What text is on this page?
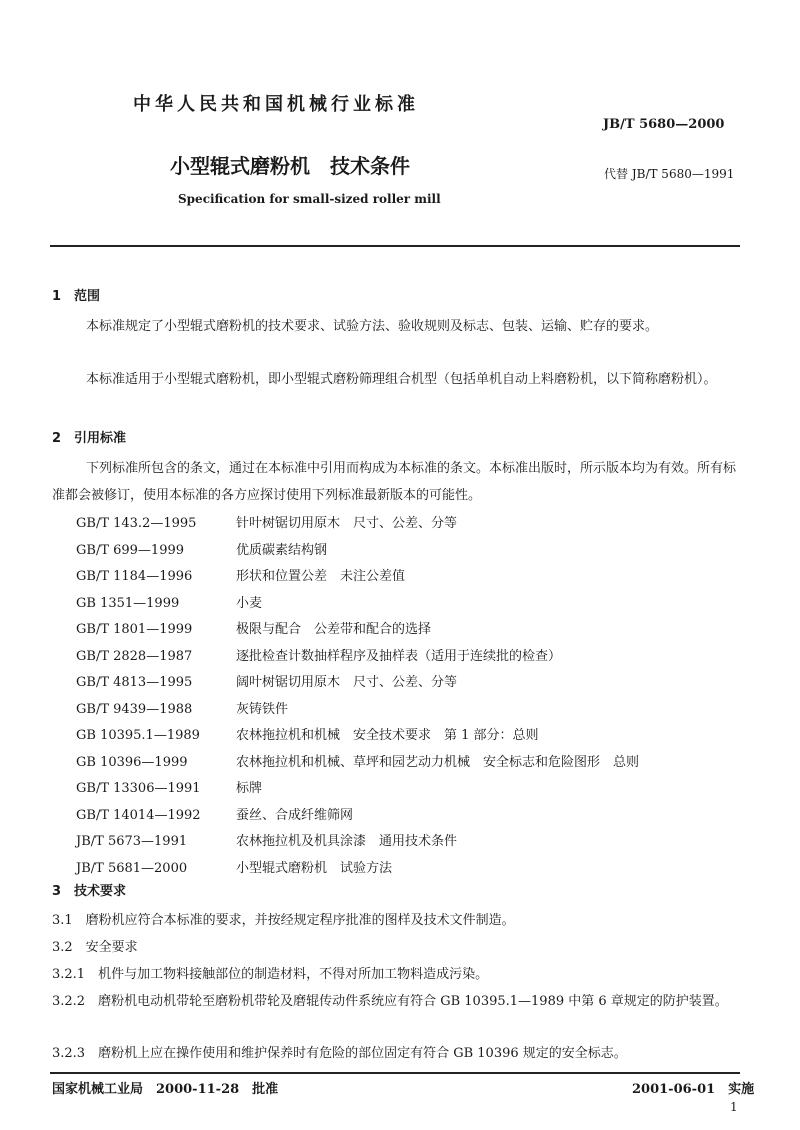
中华人民共和国机械行业标准
JB/T 5680—2000
小型辊式磨粉机　技术条件	代替 JB/T 5680—1991
Specification for small-sized roller mill
1　范围
本标准规定了小型辊式磨粉机的技术要求、试验方法、验收规则及标志、包装、运输、贮存的要求。
本标准适用于小型辊式磨粉机，即小型辊式磨粉筛理组合机型（包括单机自动上料磨粉机，以下简称磨粉机）。
2　引用标准
下列标准所包含的条文，通过在本标准中引用而构成为本标准的条文。本标准出版时，所示版本均为有效。所有标准都会被修订，使用本标准的各方应探讨使用下列标准最新版本的可能性。
GB/T 143.2—1995	针叶树锯切用原木　尺寸、公差、分等
GB/T 699—1999	优质碳素结构钢
GB/T 1184—1996	形状和位置公差　未注公差值
GB 1351—1999	小麦
GB/T 1801—1999	极限与配合　公差带和配合的选择
GB/T 2828—1987	逐批检查计数抽样程序及抽样表（适用于连续批的检查）
GB/T 4813—1995	阔叶树锯切用原木　尺寸、公差、分等
GB/T 9439—1988	灰铸铁件
GB 10395.1—1989	农林拖拉机和机械　安全技术要求　第 1 部分：总则
GB 10396—1999	农林拖拉机和机械、草坪和园艺动力机械　安全标志和危险图形　总则
GB/T 13306—1991	标牌
GB/T 14014—1992	蚕丝、合成纤维筛网
JB/T 5673—1991	农林拖拉机及机具涂漆　通用技术条件
JB/T 5681—2000	小型辊式磨粉机　试验方法
3　技术要求
3.1　磨粉机应符合本标准的要求，并按经规定程序批准的图样及技术文件制造。
3.2　安全要求
3.2.1　机件与加工物料接触部位的制造材料，不得对所加工物料造成污染。
3.2.2　磨粉机电动机带轮至磨粉机带轮及磨辊传动件系统应有符合 GB 10395.1—1989 中第 6 章规定的防护装置。
3.2.3　磨粉机上应在操作使用和维护保养时有危险的部位固定有符合 GB 10396 规定的安全标志。
国家机械工业局　2000-11-28　批准	2001-06-01　实施
1
